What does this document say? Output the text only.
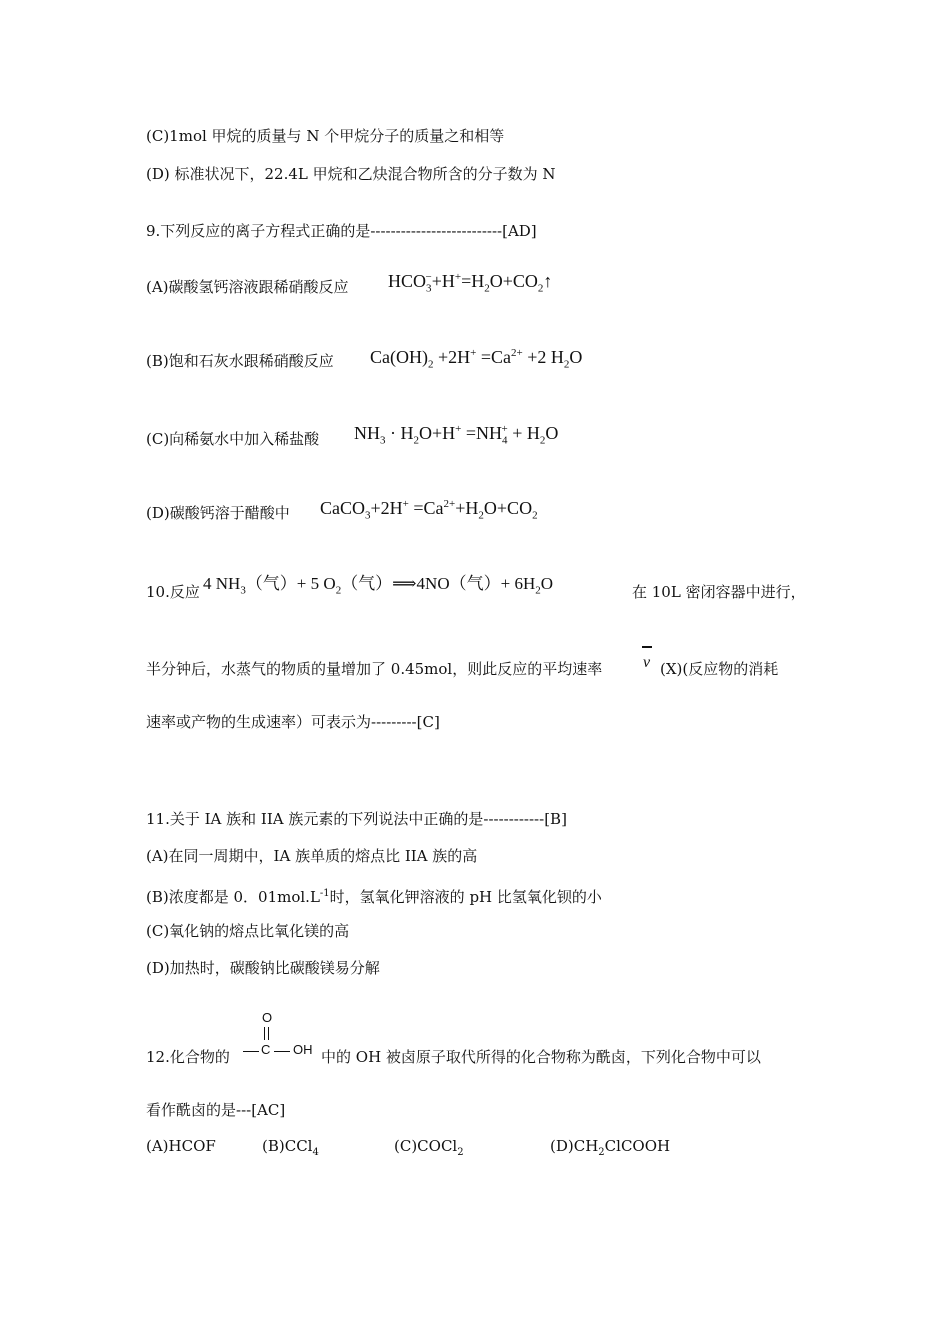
(C)1mol 甲烷的质量与 N 个甲烷分子的质量之和相等
(D) 标准状况下，22.4L 甲烷和乙炔混合物所含的分子数为 N
9.下列反应的离子方程式正确的是--------------------------[AD]
(A)碳酸氢钙溶液跟稀硝酸反应 $HCO_3^-+H^+=H_2O+CO_2↑$
(B)饱和石灰水跟稀硝酸反应 $Ca(OH)_2 +2H^+ =Ca^{2+} +2$ $H_2O$
(C)向稀氨水中加入稀盐酸 $NH_3 \cdot H_2O+H^+ =NH_4^+ + H_2O$
(D)碳酸钙溶于醋酸中 CaCO$_3$+2H+ $=Ca^{2+}+H_2O+CO_2$
10.反应 4 $NH_3$（气）+ 5 $O_2$（气）⟹4NO（气）+ $6H_2O$	在 10L 密闭容器中进行，
半分钟后，水蒸气的物质的量增加了 0.45mol，则此反应的平均速率	v (X)(反应物的消耗
速率或产物的生成速率）可表示为---------[C]
11.关于 IA 族和 IIA 族元素的下列说法中正确的是------------[B]
(A)在同一周期中，IA 族单质的熔点比 IIA 族的高
(B)浓度都是 0．$01mol.L^{-1}$时，氢氧化钾溶液的 pH 比氢氧化钡的小
(C)氧化钠的熔点比氧化镁的高
(D)加热时，碳酸钠比碳酸镁易分解
12.化合物的
O
C OH 中的 OH 被卤原子取代所得的化合物称为酰卤，下列化合物中可以
看作酰卤的是---[AC]
(A)HCOF	(B)CCl$_4$	(C)COCl$_2$	$(D)CH_2ClCOOH$
